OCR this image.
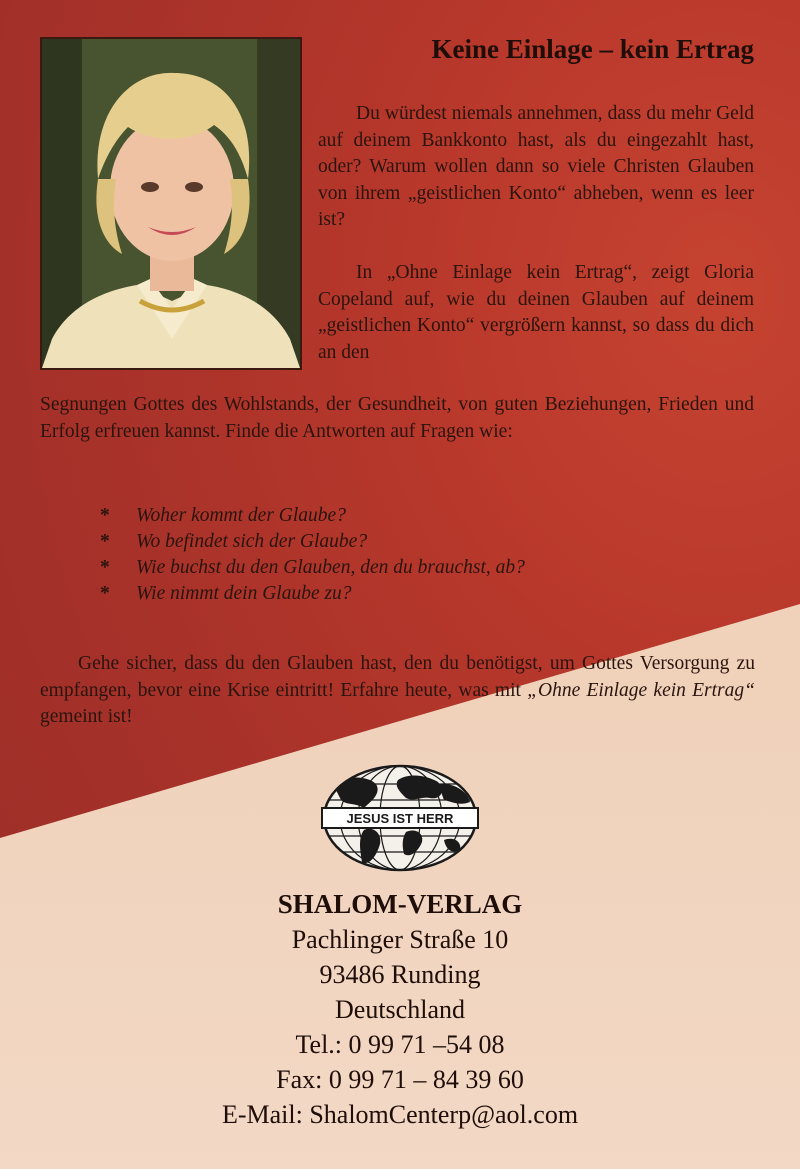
Keine Einlage – kein Ertrag

Du würdest niemals annehmen, dass du mehr Geld auf deinem Bankkonto hast, als du eingezahlt hast, oder? Warum wollen dann so viele Christen Glauben von ihrem „geistlichen Konto“ abheben, wenn es leer ist?

In „Ohne Einlage kein Ertrag“, zeigt Gloria Copeland auf, wie du deinen Glauben auf deinem „geistlichen Konto“ vergrößern kannst, so dass du dich an den

Segnungen Gottes des Wohlstands, der Gesundheit, von guten Beziehungen, Frieden und Erfolg erfreuen kannst. Finde die Antworten auf Fragen wie:

*	Woher kommt der Glaube?
*	Wo befindet sich der Glaube?
*	Wie buchst du den Glauben, den du brauchst, ab?
*	Wie nimmt dein Glaube zu?

Gehe sicher, dass du den Glauben hast, den du benötigst, um Gottes Versorgung zu empfangen, bevor eine Krise eintritt! Erfahre heute, was mit „Ohne Einlage kein Ertrag“ gemeint ist!

JESUS IST HERR
SHALOM-VERLAG
Pachlinger Straße 10
93486 Runding
Deutschland
Tel.: 0 99 71 –54 08
Fax: 0 99 71 – 84 39 60
E-Mail: ShalomCenterp@aol.com
